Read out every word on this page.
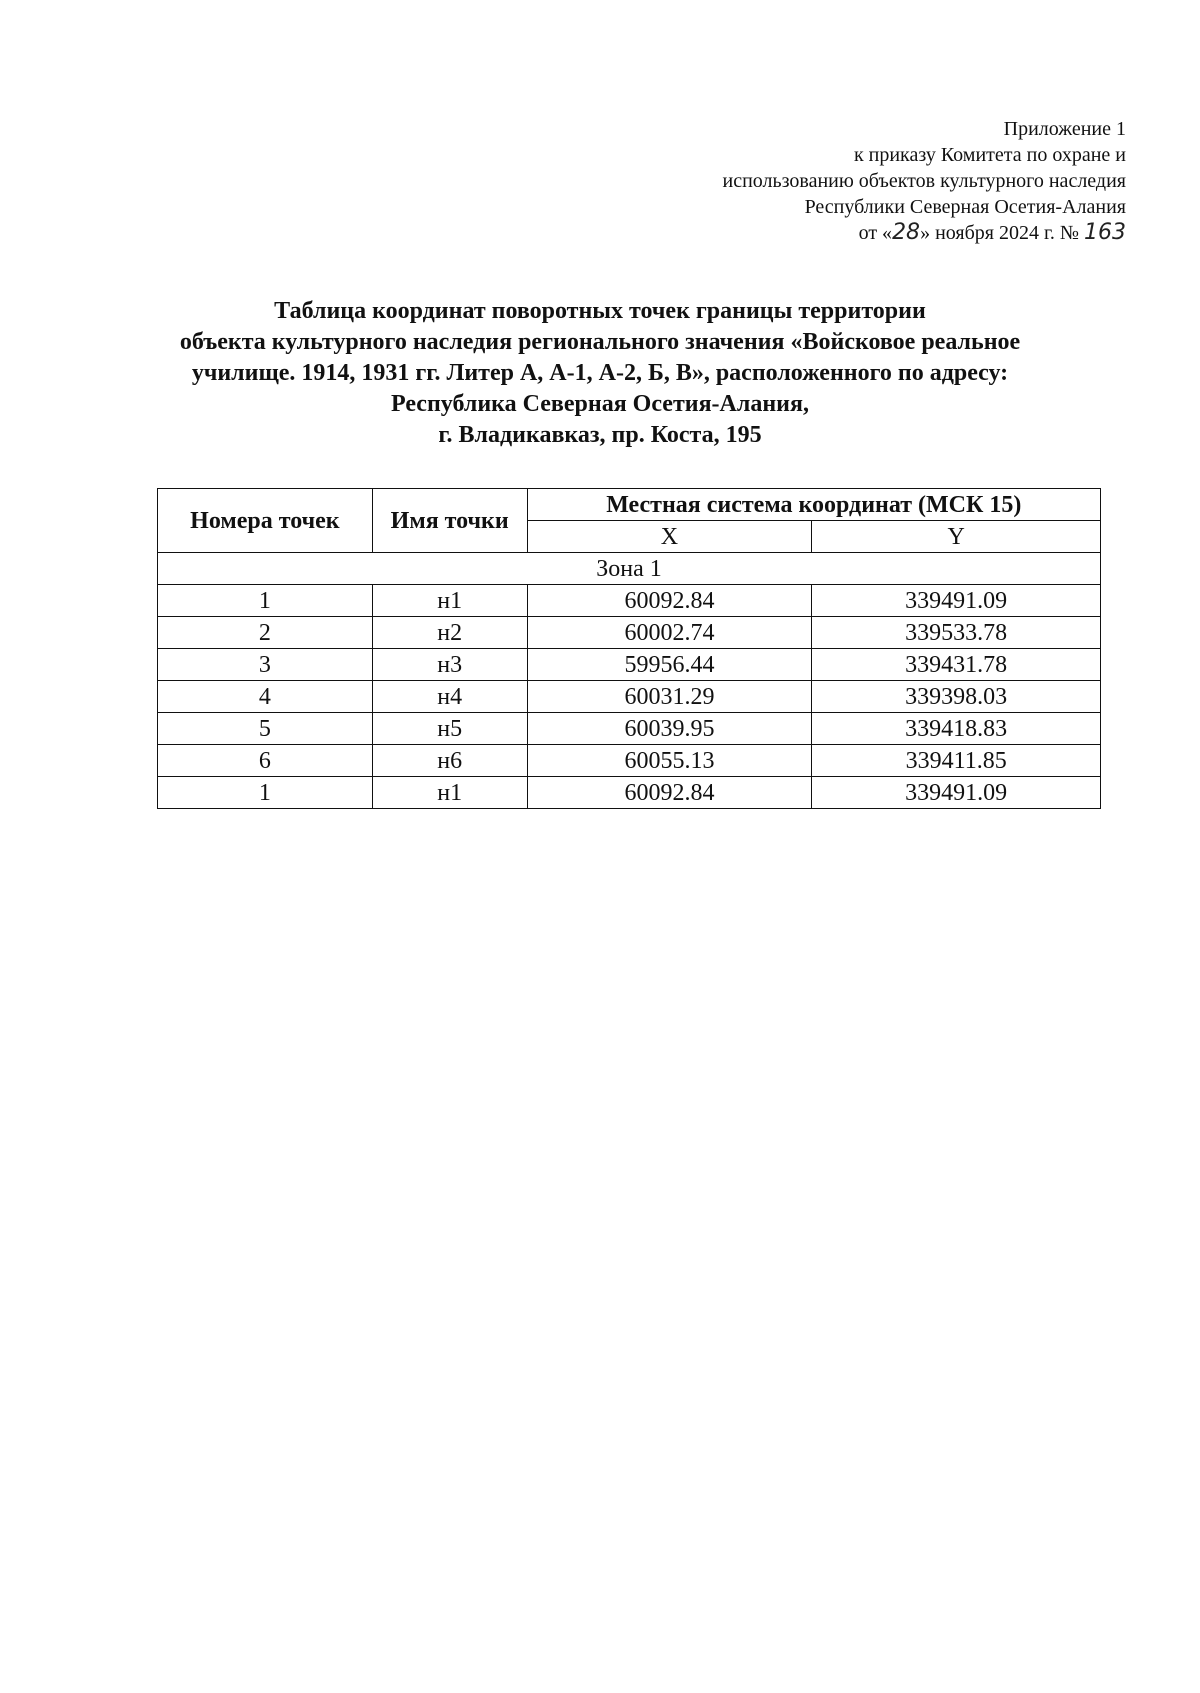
Приложение 1
к приказу Комитета по охране и
использованию объектов культурного наследия
Республики Северная Осетия-Алания
от «28» ноября 2024 г. № 163
Таблица координат поворотных точек границы территории
объекта культурного наследия регионального значения «Войсковое реальное
училище. 1914, 1931 гг. Литер А, А-1, А-2, Б, В», расположенного по адресу:
Республика Северная Осетия-Алания,
г. Владикавказ, пр. Коста, 195
Номера точек	Имя точки	Местная система координат (МСК 15)	
		X	Y
Зона 1			
1	н1	60092.84	339491.09
2	н2	60002.74	339533.78
3	н3	59956.44	339431.78
4	н4	60031.29	339398.03
5	н5	60039.95	339418.83
6	н6	60055.13	339411.85
1	н1	60092.84	339491.09
